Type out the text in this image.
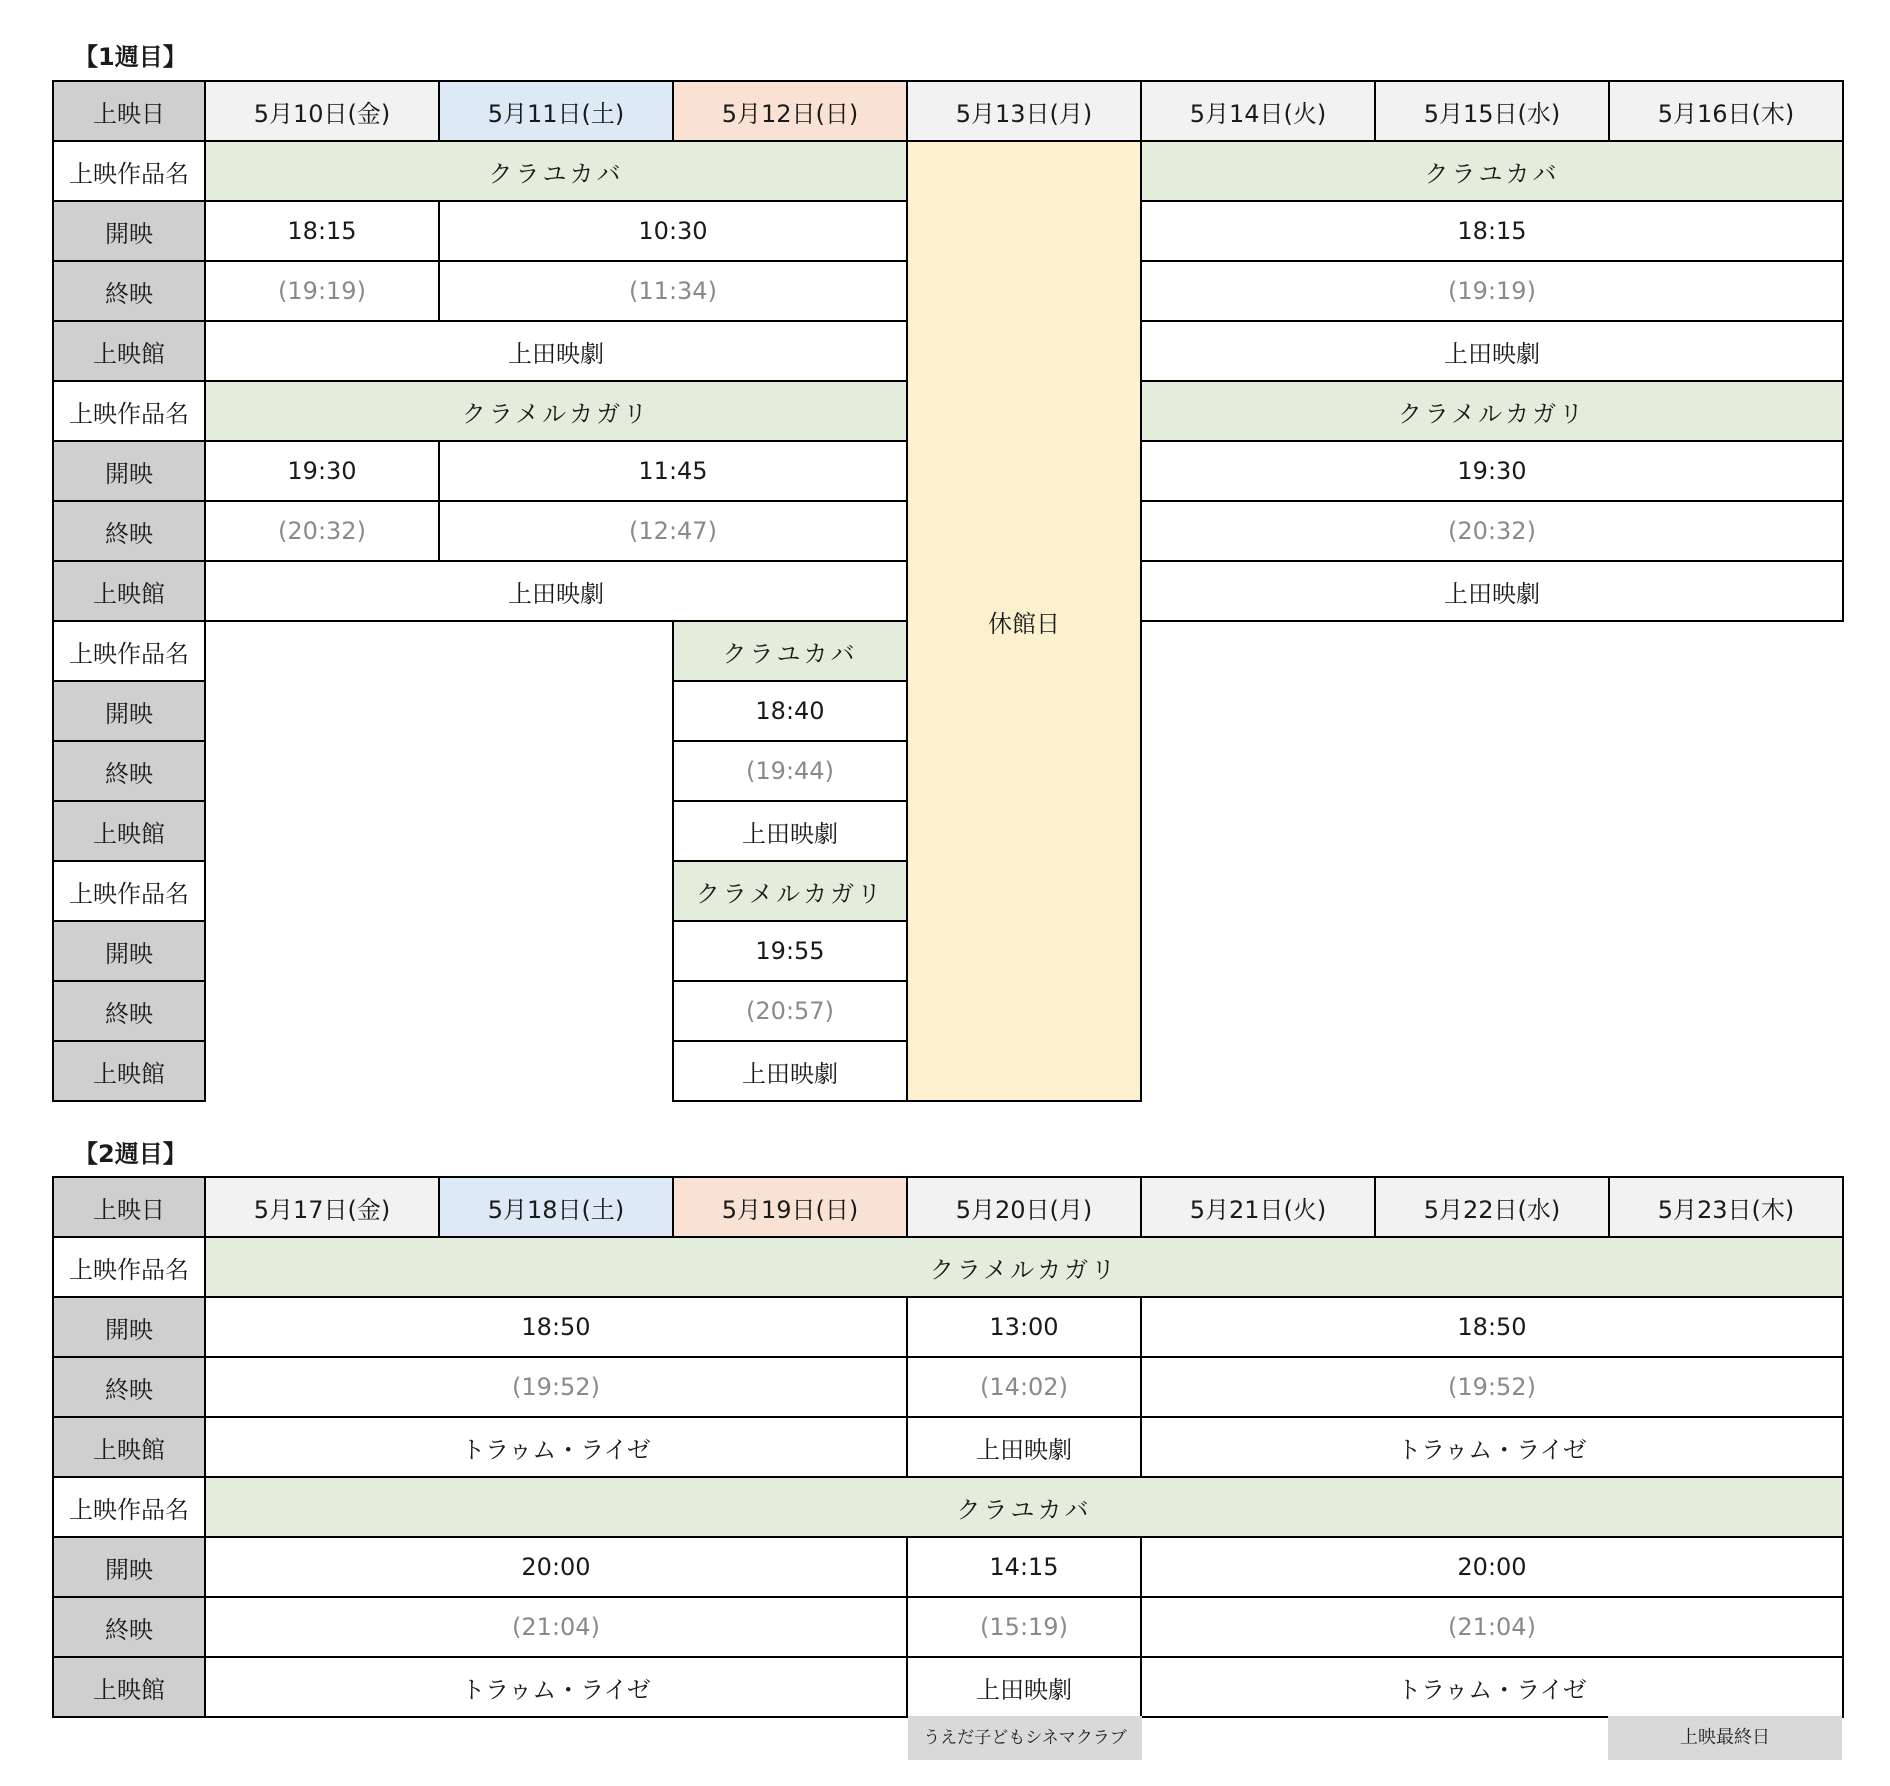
【1週目】
上映日	5月10日(金)	5月11日(土)	5月12日(日)	5月13日(月)	5月14日(火)	5月15日(水)	5月16日(木)
上映作品名	クラユカバ			休館日	クラユカバ		
開映	18:15	10:30			18:15		
終映	(19:19)	(11:34)			(19:19)		
上映館	上田映劇				上田映劇		
上映作品名	クラメルカガリ				クラメルカガリ		
開映	19:30	11:45			19:30		
終映	(20:32)	(12:47)			(20:32)		
上映館	上田映劇				上田映劇		
上映作品名			クラユカバ				
開映			18:40				
終映			(19:44)				
上映館			上田映劇				
上映作品名			クラメルカガリ				
開映			19:55				
終映			(20:57)				
上映館			上田映劇				
【2週目】
上映日	5月17日(金)	5月18日(土)	5月19日(日)	5月20日(月)	5月21日(火)	5月22日(水)	5月23日(木)
上映作品名	クラメルカガリ						
開映	18:50			13:00	18:50		
終映	(19:52)			(14:02)	(19:52)		
上映館	トラゥム・ライゼ			上田映劇	トラゥム・ライゼ		
上映作品名	クラユカバ						
開映	20:00			14:15	20:00		
終映	(21:04)			(15:19)	(21:04)		
上映館	トラゥム・ライゼ			上田映劇	トラゥム・ライゼ		
うえだ子どもシネマクラブ	上映最終日
